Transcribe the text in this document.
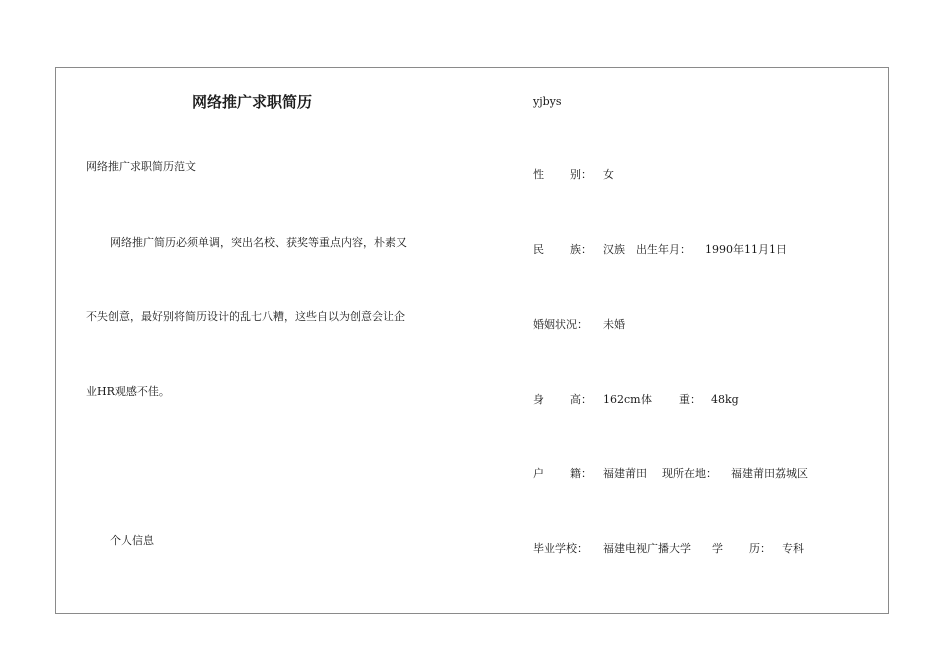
网络推广求职简历
网络推广求职简历范文
网络推广简历必须单调，突出名校、获奖等重点内容，朴素又
不失创意，最好别将简历设计的乱七八糟，这些自以为创意会让企
业HR观感不佳。
个人信息
yjbys
性 别： 女
民 族： 汉族 出生年月： 1990年11月1日
婚姻状况： 未婚
身 高： 162cm 体 重： 48kg
户 籍： 福建莆田 现所在地： 福建莆田荔城区
毕业学校： 福建电视广播大学 学 历： 专科
